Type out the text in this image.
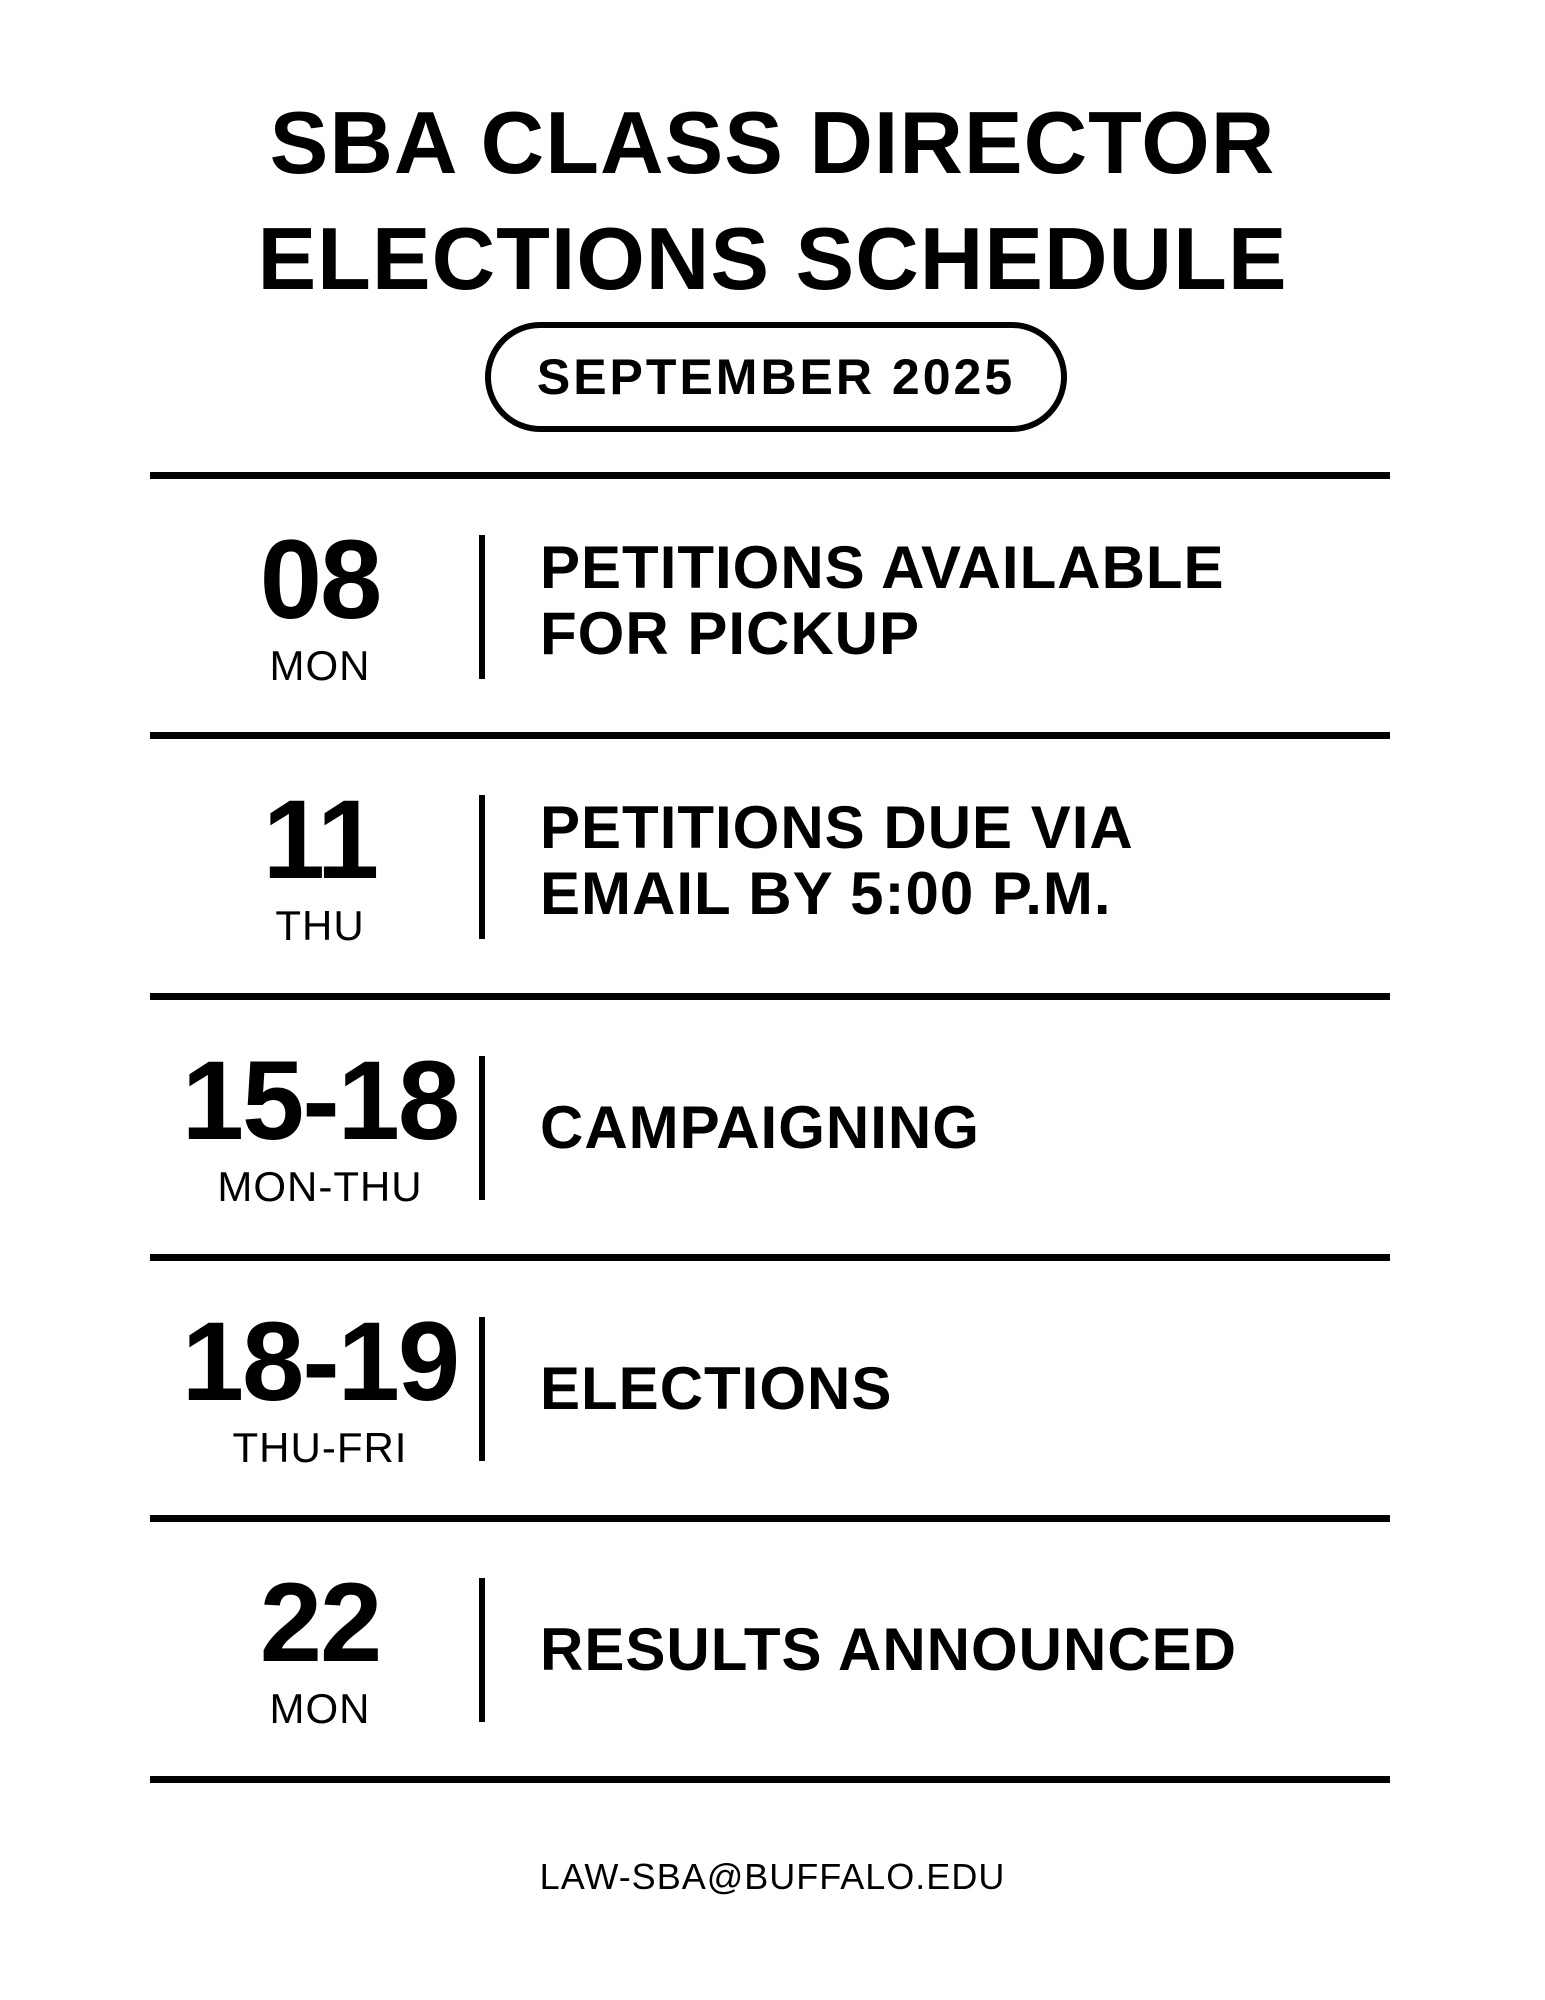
SBA CLASS DIRECTOR
ELECTIONS SCHEDULE
SEPTEMBER 2025
08
MON
PETITIONS AVAILABLE
FOR PICKUP
11
THU
PETITIONS DUE VIA
EMAIL BY 5:00 P.M.
15-18
MON-THU
CAMPAIGNING
18-19
THU-FRI
ELECTIONS
22
MON
RESULTS ANNOUNCED
LAW-SBA@BUFFALO.EDU
